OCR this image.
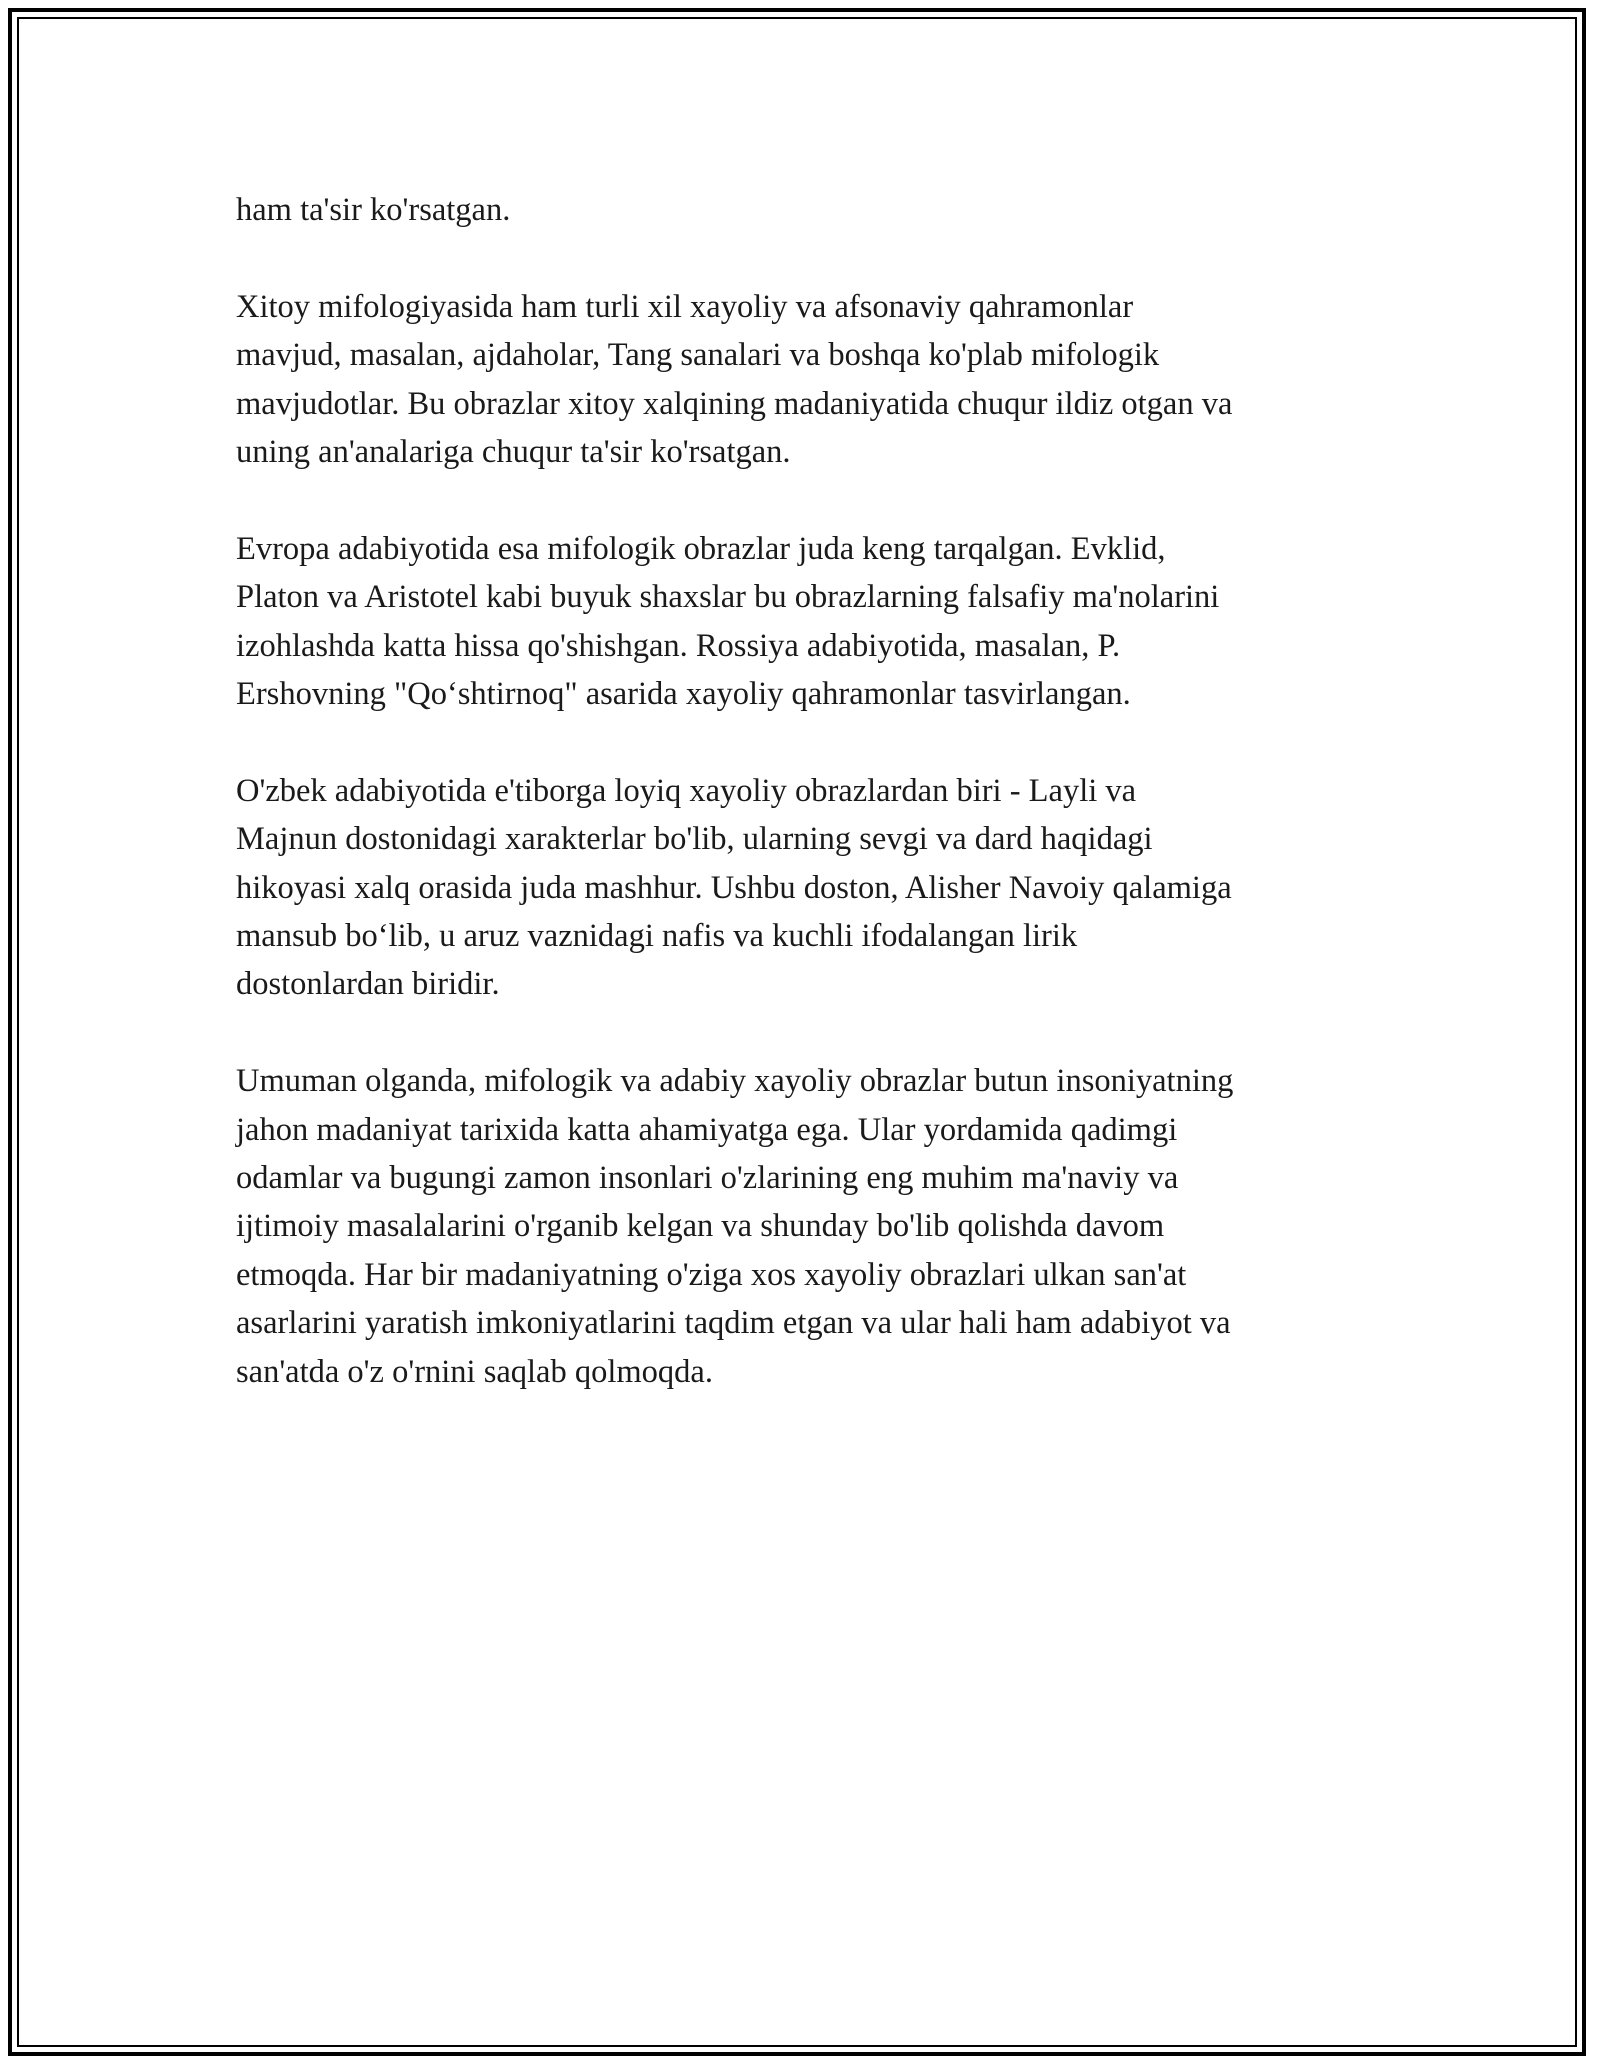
ham ta'sir ko'rsatgan.

Xitoy mifologiyasida ham turli xil xayoliy va afsonaviy qahramonlar
mavjud, masalan, ajdaholar, Tang sanalari va boshqa ko'plab mifologik
mavjudotlar. Bu obrazlar xitoy xalqining madaniyatida chuqur ildiz otgan va
uning an'analariga chuqur ta'sir ko'rsatgan.

Evropa adabiyotida esa mifologik obrazlar juda keng tarqalgan. Evklid,
Platon va Aristotel kabi buyuk shaxslar bu obrazlarning falsafiy ma'nolarini
izohlashda katta hissa qo'shishgan. Rossiya adabiyotida, masalan, P.
Ershovning "Qo‘shtirnoq" asarida xayoliy qahramonlar tasvirlangan.

O'zbek adabiyotida e'tiborga loyiq xayoliy obrazlardan biri - Layli va
Majnun dostonidagi xarakterlar bo'lib, ularning sevgi va dard haqidagi
hikoyasi xalq orasida juda mashhur. Ushbu doston, Alisher Navoiy qalamiga
mansub bo‘lib, u aruz vaznidagi nafis va kuchli ifodalangan lirik
dostonlardan biridir.

Umuman olganda, mifologik va adabiy xayoliy obrazlar butun insoniyatning
jahon madaniyat tarixida katta ahamiyatga ega. Ular yordamida qadimgi
odamlar va bugungi zamon insonlari o'zlarining eng muhim ma'naviy va
ijtimoiy masalalarini o'rganib kelgan va shunday bo'lib qolishda davom
etmoqda. Har bir madaniyatning o'ziga xos xayoliy obrazlari ulkan san'at
asarlarini yaratish imkoniyatlarini taqdim etgan va ular hali ham adabiyot va
san'atda o'z o'rnini saqlab qolmoqda.
